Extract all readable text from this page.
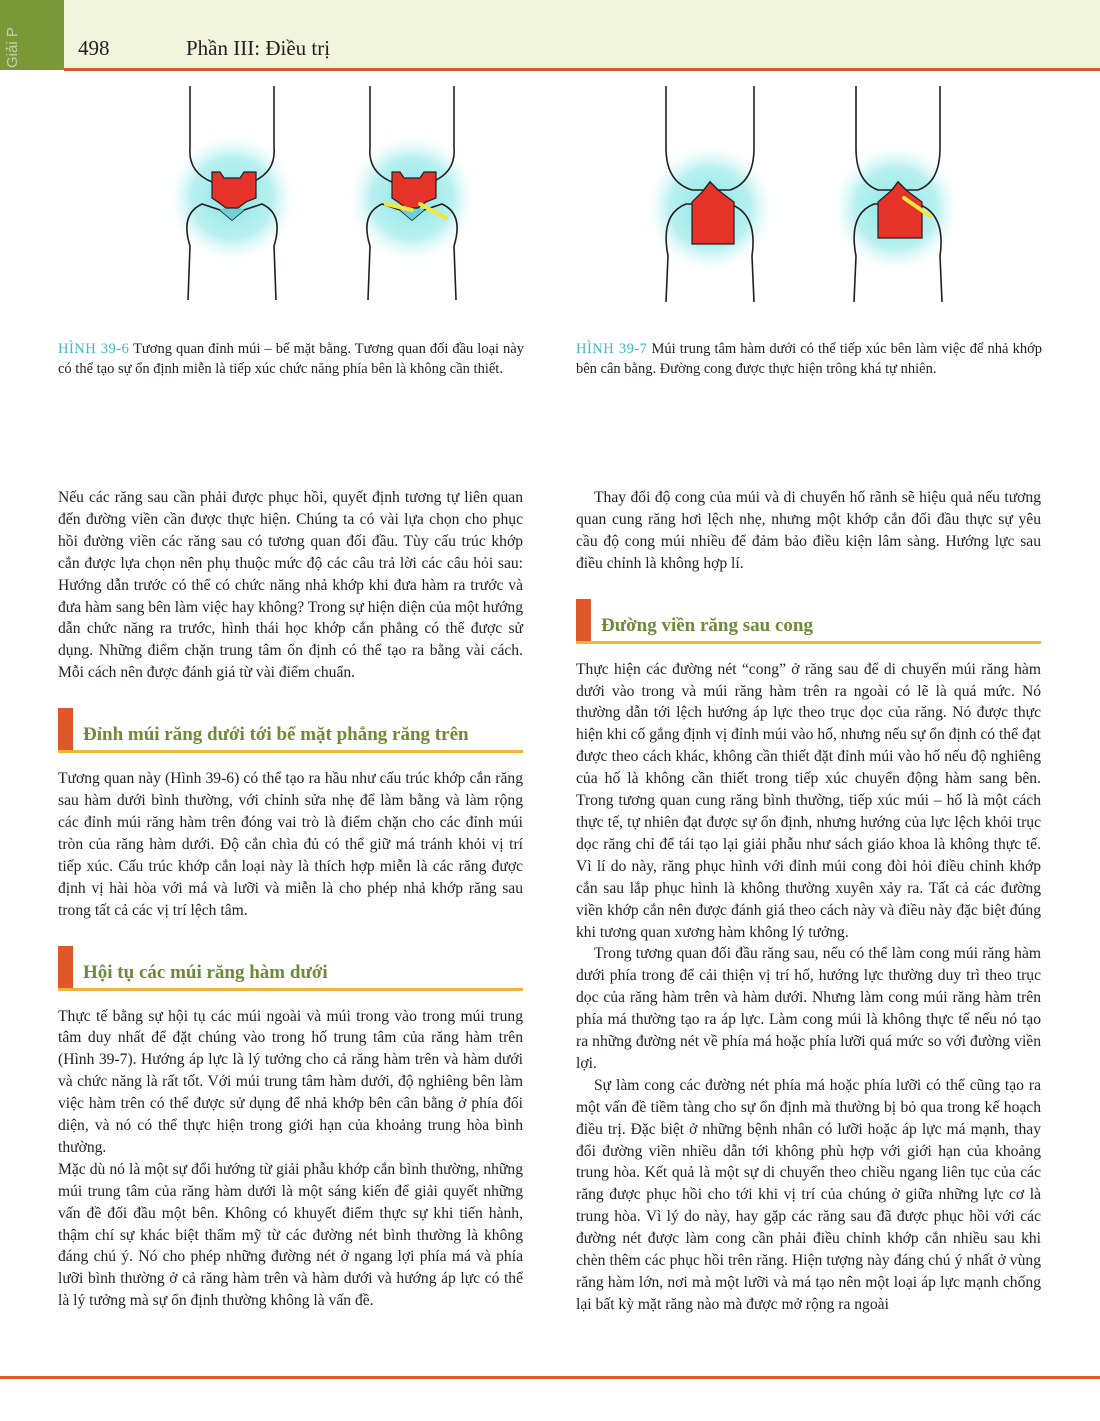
Giải P	498	Phần III: Điều trị
HÌNH 39-6 Tương quan đỉnh múi – bể mặt bằng. Tương quan đối đầu loại này có thể tạo sự ổn định miễn là tiếp xúc chức năng phía bên là không cần thiết.
HÌNH 39-7 Múi trung tâm hàm dưới có thể tiếp xúc bên làm việc để nhả khớp bên cân bằng. Đường cong được thực hiện trông khá tự nhiên.

Nếu các răng sau cần phải được phục hồi, quyết định tương tự liên quan đến đường viền cần được thực hiện. Chúng ta có vài lựa chọn cho phục hồi đường viền các răng sau có tương quan đối đầu. Tùy cấu trúc khớp cắn được lựa chọn nên phụ thuộc mức độ các câu trả lời các câu hỏi sau: Hướng dẫn trước có thể có chức năng nhả khớp khi đưa hàm ra trước và đưa hàm sang bên làm việc hay không? Trong sự hiện diện của một hướng dẫn chức năng ra trước, hình thái học khớp cắn phẳng có thể được sử dụng. Những điểm chặn trung tâm ổn định có thể tạo ra bằng vài cách. Mỗi cách nên được đánh giá từ vài điểm chuẩn.

Đỉnh múi răng dưới tới bể mặt phẳng răng trên

Tương quan này (Hình 39-6) có thể tạo ra hầu như cấu trúc khớp cắn răng sau hàm dưới bình thường, với chỉnh sửa nhẹ để làm bằng và làm rộng các đỉnh múi răng hàm trên đóng vai trò là điểm chặn cho các đỉnh múi tròn của răng hàm dưới. Độ cắn chìa đủ có thể giữ má tránh khỏi vị trí tiếp xúc. Cấu trúc khớp cắn loại này là thích hợp miễn là các răng được định vị hài hòa với má và lưỡi và miễn là cho phép nhả khớp răng sau trong tất cả các vị trí lệch tâm.

Hội tụ các múi răng hàm dưới

Thực tế bằng sự hội tụ các múi ngoài và múi trong vào trong múi trung tâm duy nhất để đặt chúng vào trong hố trung tâm của răng hàm trên (Hình 39-7). Hướng áp lực là lý tưởng cho cả răng hàm trên và hàm dưới và chức năng là rất tốt. Với múi trung tâm hàm dưới, độ nghiêng bên làm việc hàm trên có thể được sử dụng để nhả khớp bên cân bằng ở phía đối diện, và nó có thể thực hiện trong giới hạn của khoảng trung hòa bình thường.

Mặc dù nó là một sự đổi hướng từ giải phẫu khớp cắn bình thường, những múi trung tâm của răng hàm dưới là một sáng kiến để giải quyết những vấn đề đối đầu một bên. Không có khuyết điểm thực sự khi tiến hành, thậm chí sự khác biệt thẩm mỹ từ các đường nét bình thường là không đáng chú ý. Nó cho phép những đường nét ở ngang lợi phía má và phía lưỡi bình thường ở cả răng hàm trên và hàm dưới và hướng áp lực có thể là lý tưởng mà sự ổn định thường không là vấn đề.

Thay đổi độ cong của múi và di chuyển hố rãnh sẽ hiệu quả nếu tương quan cung răng hơi lệch nhẹ, nhưng một khớp cắn đối đầu thực sự yêu cầu độ cong múi nhiều để đảm bảo điều kiện lâm sàng. Hướng lực sau điều chỉnh là không hợp lí.

Đường viền răng sau cong

Thực hiện các đường nét “cong” ở răng sau để di chuyển múi răng hàm dưới vào trong và múi răng hàm trên ra ngoài có lẽ là quá mức. Nó thường dẫn tới lệch hướng áp lực theo trục dọc của răng. Nó được thực hiện khi cố gắng định vị đỉnh múi vào hố, nhưng nếu sự ổn định có thể đạt được theo cách khác, không cần thiết đặt đỉnh múi vào hố nếu độ nghiêng của hố là không cần thiết trong tiếp xúc chuyển động hàm sang bên. Trong tương quan cung răng bình thường, tiếp xúc múi – hố là một cách thực tế, tự nhiên đạt được sự ổn định, nhưng hướng của lực lệch khỏi trục dọc răng chỉ để tái tạo lại giải phẫu như sách giáo khoa là không thực tế. Vì lí do này, răng phục hình với đỉnh múi cong đòi hỏi điều chỉnh khớp cắn sau lắp phục hình là không thường xuyên xảy ra. Tất cả các đường viền khớp cắn nên được đánh giá theo cách này và điều này đặc biệt đúng khi tương quan xương hàm không lý tưởng.

Trong tương quan đối đầu răng sau, nếu có thể làm cong múi răng hàm dưới phía trong để cải thiện vị trí hố, hướng lực thường duy trì theo trục dọc của răng hàm trên và hàm dưới. Nhưng làm cong múi răng hàm trên phía má thường tạo ra áp lực. Làm cong múi là không thực tế nếu nó tạo ra những đường nét về phía má hoặc phía lưỡi quá mức so với đường viền lợi.

Sự làm cong các đường nét phía má hoặc phía lưỡi có thể cũng tạo ra một vấn đề tiềm tàng cho sự ổn định mà thường bị bỏ qua trong kế hoạch điều trị. Đặc biệt ở những bệnh nhân có lưỡi hoặc áp lực má mạnh, thay đổi đường viền nhiều dẫn tới không phù hợp với giới hạn của khoảng trung hòa. Kết quả là một sự di chuyển theo chiều ngang liên tục của các răng được phục hồi cho tới khi vị trí của chúng ở giữa những lực cơ là trung hòa. Vì lý do này, hay gặp các răng sau đã được phục hồi với các đường nét được làm cong cần phải điều chỉnh khớp cắn nhiều sau khi chèn thêm các phục hồi trên răng. Hiện tượng này đáng chú ý nhất ở vùng răng hàm lớn, nơi mà một lưỡi và má tạo nên một loại áp lực mạnh chống lại bất kỳ mặt răng nào mà được mở rộng ra ngoài
